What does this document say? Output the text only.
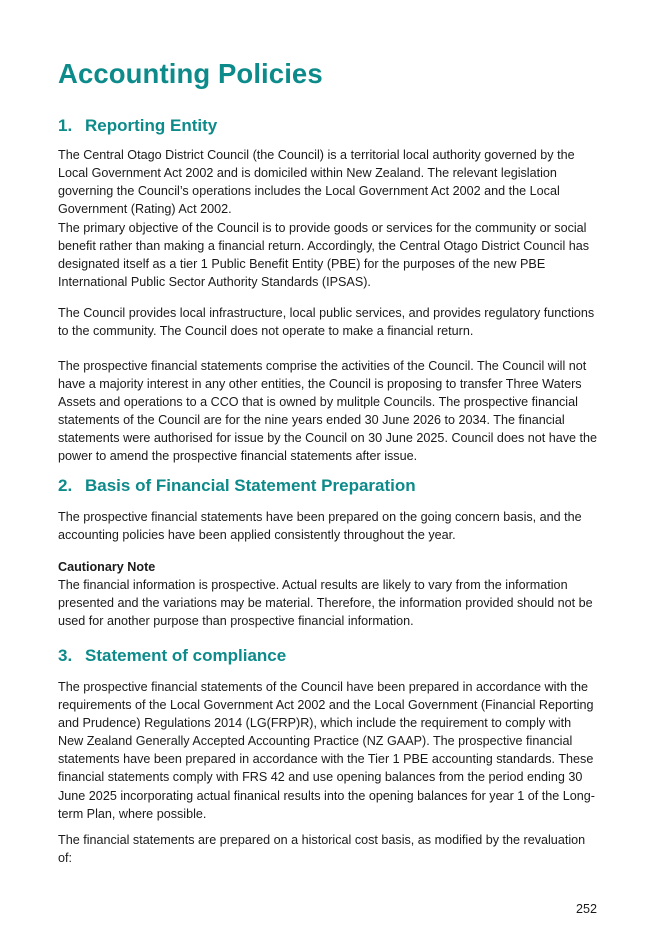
Accounting Policies
1. Reporting Entity

The Central Otago District Council (the Council) is a territorial local authority governed by the Local Government Act 2002 and is domiciled within New Zealand. The relevant legislation governing the Council’s operations includes the Local Government Act 2002 and the Local Government (Rating) Act 2002.

The primary objective of the Council is to provide goods or services for the community or social benefit rather than making a financial return. Accordingly, the Central Otago District Council has designated itself as a tier 1 Public Benefit Entity (PBE) for the purposes of the new PBE International Public Sector Authority Standards (IPSAS).

The Council provides local infrastructure, local public services, and provides regulatory functions to the community. The Council does not operate to make a financial return.

The prospective financial statements comprise the activities of the Council. The Council will not have a majority interest in any other entities, the Council is proposing to transfer Three Waters Assets and operations to a CCO that is owned by mulitple Councils. The prospective financial statements of the Council are for the nine years ended 30 June 2026 to 2034. The financial statements were authorised for issue by the Council on 30 June 2025. Council does not have the power to amend the prospective financial statements after issue.

2. Basis of Financial Statement Preparation

The prospective financial statements have been prepared on the going concern basis, and the accounting policies have been applied consistently throughout the year.

Cautionary Note

The financial information is prospective. Actual results are likely to vary from the information presented and the variations may be material. Therefore, the information provided should not be used for another purpose than prospective financial information.

3. Statement of compliance

The prospective financial statements of the Council have been prepared in accordance with the requirements of the Local Government Act 2002 and the Local Government (Financial Reporting and Prudence) Regulations 2014 (LG(FRP)R), which include the requirement to comply with New Zealand Generally Accepted Accounting Practice (NZ GAAP). The prospective financial statements have been prepared in accordance with the Tier 1 PBE accounting standards. These financial statements comply with FRS 42 and use opening balances from the period ending 30 June 2025 incorporating actual finanical results into the opening balances for year 1 of the Long-term Plan, where possible.

The financial statements are prepared on a historical cost basis, as modified by the revaluation of:

252
